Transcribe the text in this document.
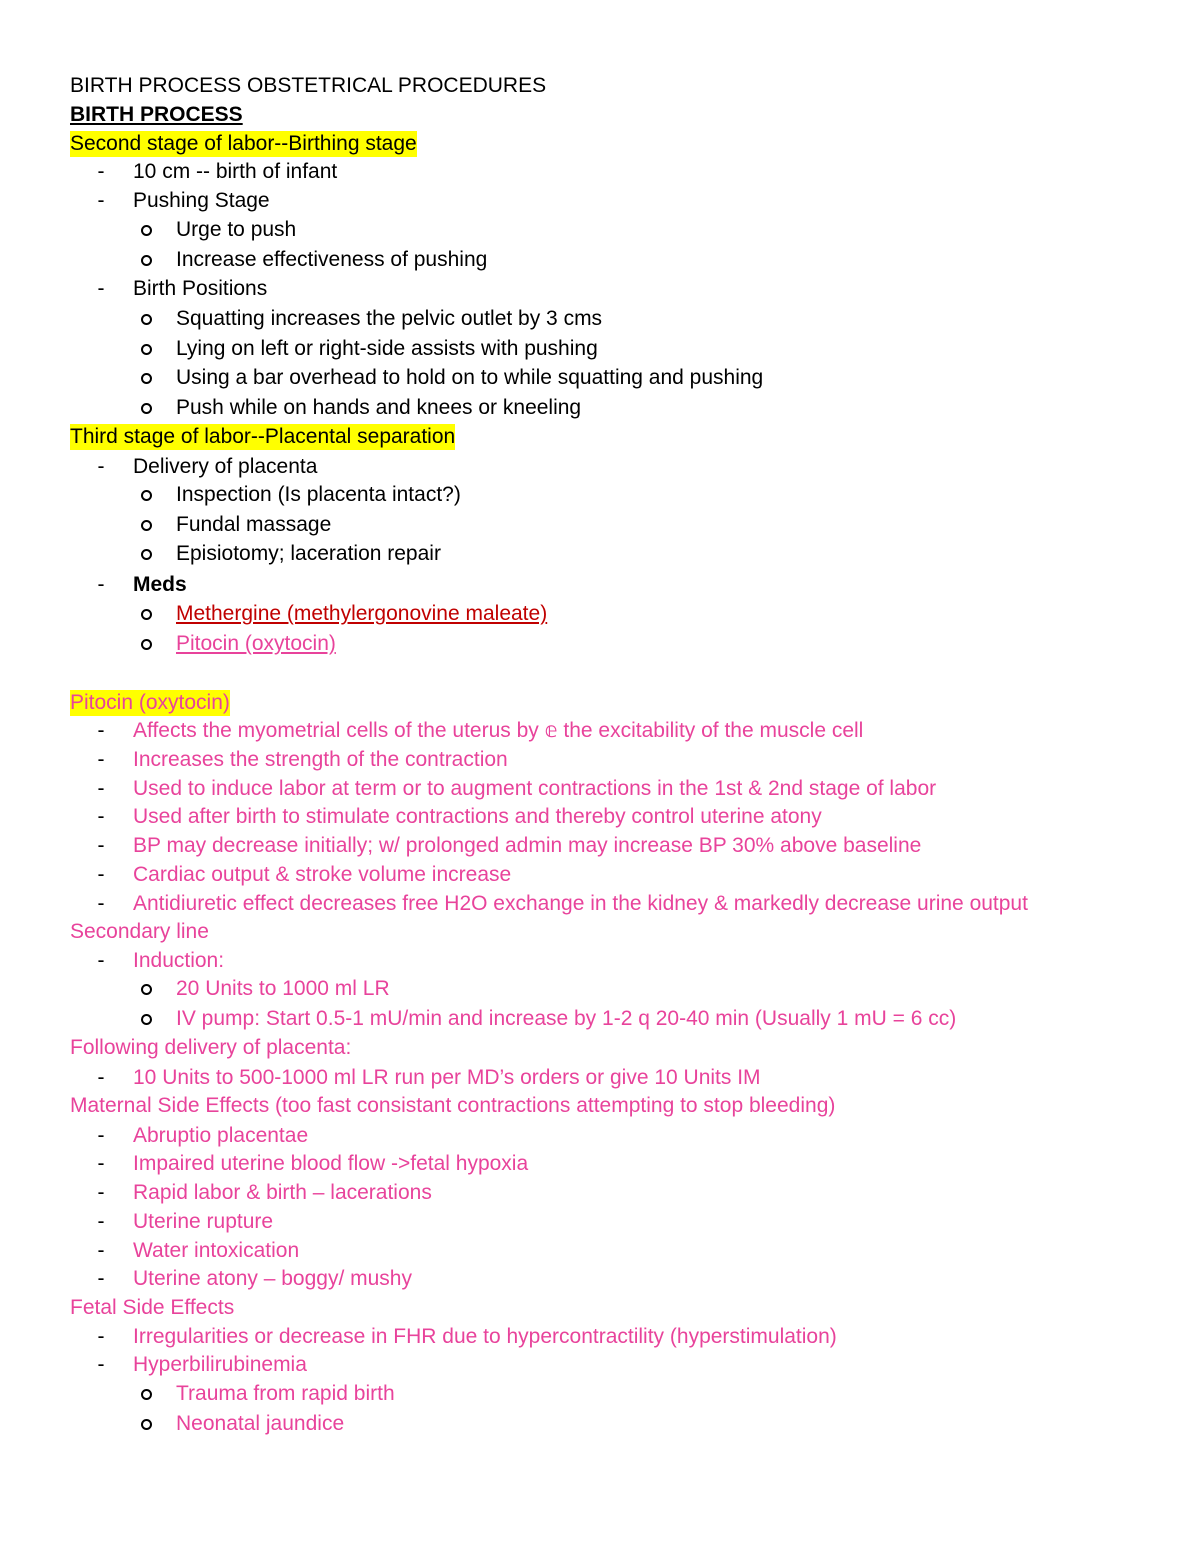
BIRTH PROCESS OBSTETRICAL PROCEDURES
BIRTH PROCESS
Second stage of labor--Birthing stage
- 10 cm -- birth of infant
- Pushing Stage
Urge to push
Increase effectiveness of pushing
- Birth Positions
Squatting increases the pelvic outlet by 3 cms
Lying on left or right-side assists with pushing
Using a bar overhead to hold on to while squatting and pushing
Push while on hands and knees or kneeling
Third stage of labor--Placental separation
- Delivery of placenta
Inspection (Is placenta intact?)
Fundal massage
Episiotomy; laceration repair
- Meds
Methergine (methylergonovine maleate)
Pitocin (oxytocin)
Pitocin (oxytocin)
- Affects the myometrial cells of the uterus by 𝕖 the excitability of the muscle cell
- Increases the strength of the contraction
- Used to induce labor at term or to augment contractions in the 1st & 2nd stage of labor
- Used after birth to stimulate contractions and thereby control uterine atony
- BP may decrease initially; w/ prolonged admin may increase BP 30% above baseline
- Cardiac output & stroke volume increase
- Antidiuretic effect decreases free H2O exchange in the kidney & markedly decrease urine output
Secondary line
- Induction:
20 Units to 1000 ml LR
IV pump: Start 0.5-1 mU/min and increase by 1-2 q 20-40 min (Usually 1 mU = 6 cc)
Following delivery of placenta:
- 10 Units to 500-1000 ml LR run per MD’s orders or give 10 Units IM
Maternal Side Effects (too fast consistant contractions attempting to stop bleeding)
- Abruptio placentae
- Impaired uterine blood flow ->fetal hypoxia
- Rapid labor & birth – lacerations
- Uterine rupture
- Water intoxication
- Uterine atony – boggy/ mushy
Fetal Side Effects
- Irregularities or decrease in FHR due to hypercontractility (hyperstimulation)
- Hyperbilirubinemia
Trauma from rapid birth
Neonatal jaundice
